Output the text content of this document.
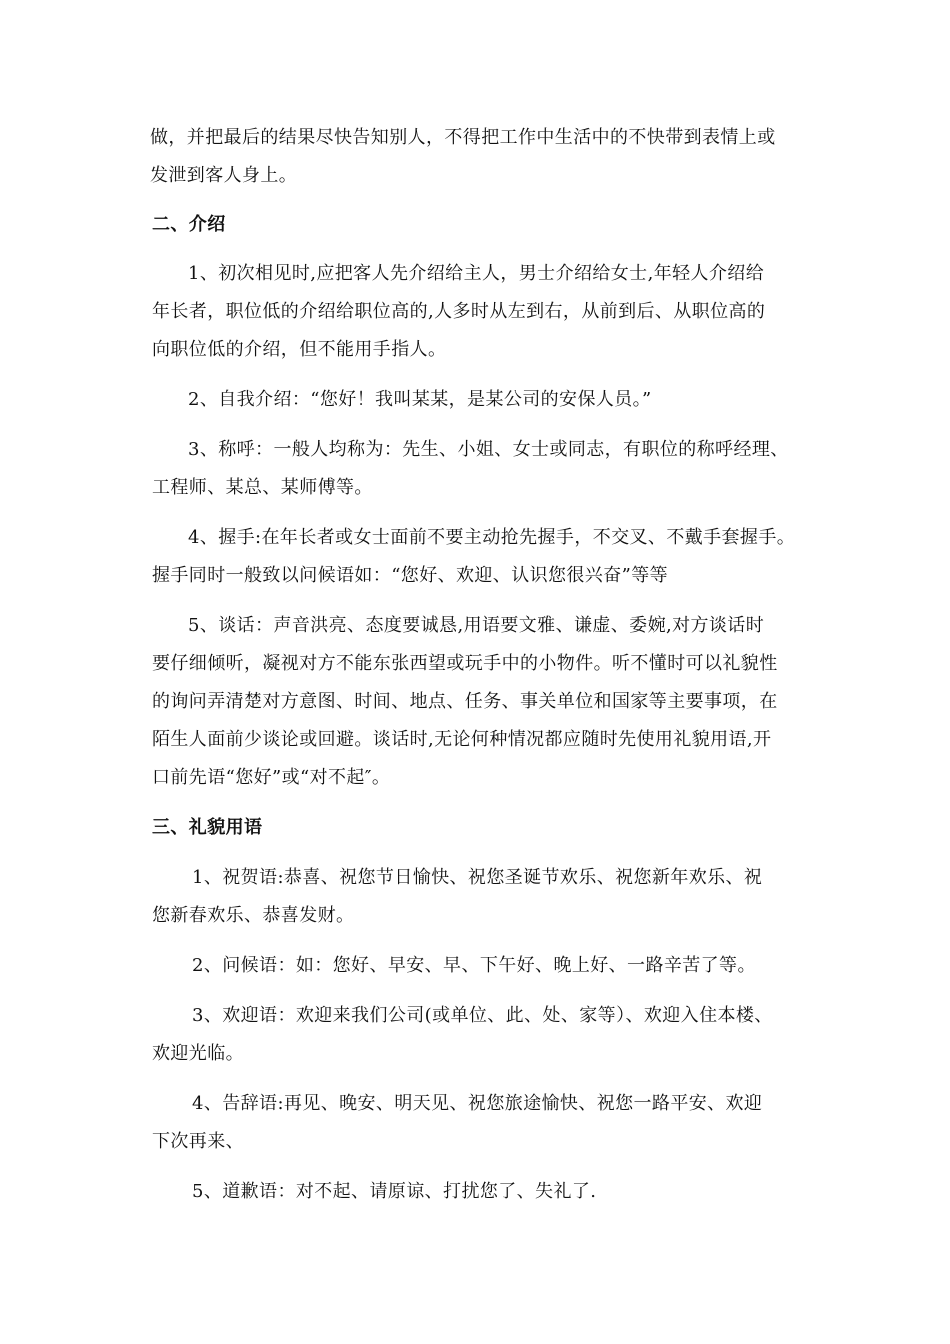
做，并把最后的结果尽快告知别人，不得把工作中生活中的不快带到表情上或
发泄到客人身上。
二、介绍
1、初次相见时,应把客人先介绍给主人，男士介绍给女士,年轻人介绍给
年长者，职位低的介绍给职位高的,人多时从左到右，从前到后、从职位高的
向职位低的介绍，但不能用手指人。
2、自我介绍：“您好！我叫某某，是某公司的安保人员。”
3、称呼：一般人均称为：先生、小姐、女士或同志，有职位的称呼经理、
工程师、某总、某师傅等。
4、握手:在年长者或女士面前不要主动抢先握手，不交叉、不戴手套握手。
握手同时一般致以问候语如：“您好、欢迎、认识您很兴奋”等等
5、谈话：声音洪亮、态度要诚恳,用语要文雅、谦虚、委婉,对方谈话时
要仔细倾听，凝视对方不能东张西望或玩手中的小物件。听不懂时可以礼貌性
的询问弄清楚对方意图、时间、地点、任务、事关单位和国家等主要事项，在
陌生人面前少谈论或回避。谈话时,无论何种情况都应随时先使用礼貌用语,开
口前先语“您好”或“对不起″。
三、礼貌用语
1、祝贺语:恭喜、祝您节日愉快、祝您圣诞节欢乐、祝您新年欢乐、祝
您新春欢乐、恭喜发财。
2、问候语：如：您好、早安、早、下午好、晚上好、一路辛苦了等。
3、欢迎语：欢迎来我们公司(或单位、此、处、家等）、欢迎入住本楼、
欢迎光临。
4、告辞语:再见、晚安、明天见、祝您旅途愉快、祝您一路平安、欢迎
下次再来、
5、道歉语：对不起、请原谅、打扰您了、失礼了.
